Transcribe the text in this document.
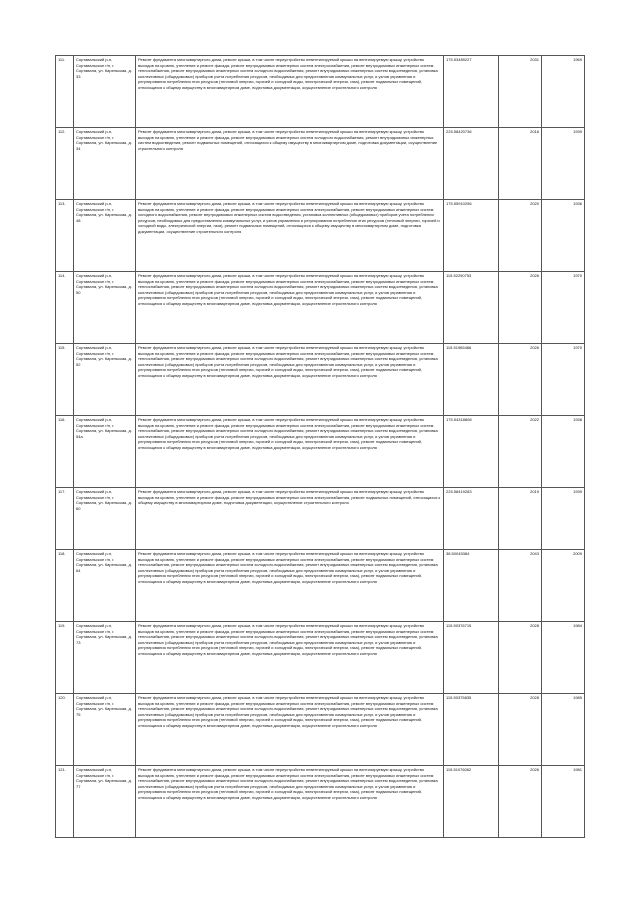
111.	Сортавальский р-н, Сортавальское г/п, г. Сортавала, ул. Карельская, д. 33	Ремонт фундамента многоквартирного дома, ремонт крыши, в том числе переустройство невентилируемой крыши на вентилируемую крышу, устройство выходов на кровлю, утепление и ремонт фасада, ремонт внутридомовых инженерных систем электроснабжения, ремонт внутридомовых инженерных систем теплоснабжения, ремонт внутридомовых инженерных систем холодного водоснабжения, ремонт внутридомовых инженерных систем водоотведения, установка коллективных (общедомовых) приборов учета потребления ресурсов, необходимых для предоставления коммунальных услуг, и узлов управления и регулирования потребления этих ресурсов (тепловой энергии, горячей и холодной воды, электрической энергии, газа), ремонт подвальных помещений, относящихся к общему имуществу в многоквартирном доме, подготовка документации, осуществление строительного контроля	175.53489227	2031	1969
112.	Сортавальский р-н, Сортавальское г/п, г. Сортавала, ул. Карельская, д. 34	Ремонт фундамента многоквартирного дома, ремонт крыши, в том числе переустройство невентилируемой крыши на вентилируемую крышу, устройство выходов на кровлю, утепление и ремонт фасада, ремонт внутридомовых инженерных систем холодного водоснабжения, ремонт внутридомовых инженерных систем водоотведения, ремонт подвальных помещений, относящихся к общему имуществу в многоквартирном доме, подготовка документации, осуществление строительного контроля	225.58420736	2016	1939
113.	Сортавальский р-н, Сортавальское г/п, г. Сортавала, ул. Карельская, д. 48	Ремонт фундамента многоквартирного дома, ремонт крыши, в том числе переустройство невентилируемой крыши на вентилируемую крышу, устройство выходов на кровлю, утепление и ремонт фасада, ремонт внутридомовых инженерных систем электроснабжения, ремонт внутридомовых инженерных систем холодного водоснабжения, ремонт внутридомовых инженерных систем водоотведения, установка коллективных (общедомовых) приборов учета потребления ресурсов, необходимых для предоставления коммунальных услуг, и узлов управления и регулирования потребления этих ресурсов (тепловой энергии, горячей и холодной воды, электрической энергии, газа), ремонт подвальных помещений, относящихся к общему имуществу в многоквартирном доме, подготовка документации, осуществление строительного контроля	175.55910256	2020	1936
114.	Сортавальский р-н, Сортавальское г/п, г. Сортавала, ул. Карельская, д. 50	Ремонт фундамента многоквартирного дома, ремонт крыши, в том числе переустройство невентилируемой крыши на вентилируемую крышу, устройство выходов на кровлю, утепление и ремонт фасада, ремонт внутридомовых инженерных систем электроснабжения, ремонт внутридомовых инженерных систем теплоснабжения, ремонт внутридомовых инженерных систем холодного водоснабжения, ремонт внутридомовых инженерных систем водоотведения, установка коллективных (общедомовых) приборов учета потребления ресурсов, необходимых для предоставления коммунальных услуг, и узлов управления и регулирования потребления этих ресурсов (тепловой энергии, горячей и холодной воды, электрической энергии, газа), ремонт подвальных помещений, относящихся к общему имуществу в многоквартирном доме, подготовка документации, осуществление строительного контроля	115.52290753	2026	1970
115.	Сортавальский р-н, Сортавальское г/п, г. Сортавала, ул. Карельская, д. 52	Ремонт фундамента многоквартирного дома, ремонт крыши, в том числе переустройство невентилируемой крыши на вентилируемую крышу, устройство выходов на кровлю, утепление и ремонт фасада, ремонт внутридомовых инженерных систем электроснабжения, ремонт внутридомовых инженерных систем теплоснабжения, ремонт внутридомовых инженерных систем холодного водоснабжения, ремонт внутридомовых инженерных систем водоотведения, установка коллективных (общедомовых) приборов учета потребления ресурсов, необходимых для предоставления коммунальных услуг, и узлов управления и регулирования потребления этих ресурсов (тепловой энергии, горячей и холодной воды, электрической энергии, газа), ремонт подвальных помещений, относящихся к общему имуществу в многоквартирном доме, подготовка документации, осуществление строительного контроля	115.51965466	2026	1970
116.	Сортавальский р-н, Сортавальское г/п, г. Сортавала, ул. Карельская, д. 54а	Ремонт фундамента многоквартирного дома, ремонт крыши, в том числе переустройство невентилируемой крыши на вентилируемую крышу, устройство выходов на кровлю, утепление и ремонт фасада, ремонт внутридомовых инженерных систем электроснабжения, ремонт внутридомовых инженерных систем теплоснабжения, ремонт внутридомовых инженерных систем холодного водоснабжения, ремонт внутридомовых инженерных систем водоотведения, установка коллективных (общедомовых) приборов учета потребления ресурсов, необходимых для предоставления коммунальных услуг, и узлов управления и регулирования потребления этих ресурсов (тепловой энергии, горячей и холодной воды, электрической энергии, газа), ремонт подвальных помещений, относящихся к общему имуществу в многоквартирном доме, подготовка документации, осуществление строительного контроля	175.54318808	2022	1938
117.	Сортавальский р-н, Сортавальское г/п, г. Сортавала, ул. Карельская, д. 60	Ремонт фундамента многоквартирного дома, ремонт крыши, в том числе переустройство невентилируемой крыши на вентилируемую крышу, устройство выходов на кровлю, утепление и ремонт фасада, ремонт внутридомовых инженерных систем электроснабжения, ремонт подвальных помещений, относящихся к общему имуществу в многоквартирном доме, подготовка документации, осуществление строительного контроля	225.58419283	2019	1939
118.	Сортавальский р-н, Сортавальское г/п, г. Сортавала, ул. Карельская, д. 64	Ремонт фундамента многоквартирного дома, ремонт крыши, в том числе переустройство невентилируемой крыши на вентилируемую крышу, устройство выходов на кровлю, утепление и ремонт фасада, ремонт внутридомовых инженерных систем электроснабжения, ремонт внутридомовых инженерных систем теплоснабжения, ремонт внутридомовых инженерных систем холодного водоснабжения, ремонт внутридомовых инженерных систем водоотведения, установка коллективных (общедомовых) приборов учета потребления ресурсов, необходимых для предоставления коммунальных услуг, и узлов управления и регулирования потребления этих ресурсов (тепловой энергии, горячей и холодной воды, электрической энергии, газа), ремонт подвальных помещений, относящихся к общему имуществу в многоквартирном доме, подготовка документации, осуществление строительного контроля	38.50045384	2043	2009
119.	Сортавальский р-н, Сортавальское г/п, г. Сортавала, ул. Карельская, д. 73	Ремонт фундамента многоквартирного дома, ремонт крыши, в том числе переустройство невентилируемой крыши на вентилируемую крышу, устройство выходов на кровлю, утепление и ремонт фасада, ремонт внутридомовых инженерных систем электроснабжения, ремонт внутридомовых инженерных систем теплоснабжения, ремонт внутридомовых инженерных систем холодного водоснабжения, ремонт внутридомовых инженерных систем водоотведения, установка коллективных (общедомовых) приборов учета потребления ресурсов, необходимых для предоставления коммунальных услуг, и узлов управления и регулирования потребления этих ресурсов (тепловой энергии, горячей и холодной воды, электрической энергии, газа), ремонт подвальных помещений, относящихся к общему имуществу в многоквартирном доме, подготовка документации, осуществление строительного контроля	115.50376715	2028	1984
120.	Сортавальский р-н, Сортавальское г/п, г. Сортавала, ул. Карельская, д. 75	Ремонт фундамента многоквартирного дома, ремонт крыши, в том числе переустройство невентилируемой крыши на вентилируемую крышу, устройство выходов на кровлю, утепление и ремонт фасада, ремонт внутридомовых инженерных систем электроснабжения, ремонт внутридомовых инженерных систем теплоснабжения, ремонт внутридомовых инженерных систем холодного водоснабжения, ремонт внутридомовых инженерных систем водоотведения, установка коллективных (общедомовых) приборов учета потребления ресурсов, необходимых для предоставления коммунальных услуг, и узлов управления и регулирования потребления этих ресурсов (тепловой энергии, горячей и холодной воды, электрической энергии, газа), ремонт подвальных помещений, относящихся к общему имуществу в многоквартирном доме, подготовка документации, осуществление строительного контроля	115.50375835	2028	1985
121.	Сортавальский р-н, Сортавальское г/п, г. Сортавала, ул. Карельская, д. 77	Ремонт фундамента многоквартирного дома, ремонт крыши, в том числе переустройство невентилируемой крыши на вентилируемую крышу, устройство выходов на кровлю, утепление и ремонт фасада, ремонт внутридомовых инженерных систем электроснабжения, ремонт внутридомовых инженерных систем теплоснабжения, ремонт внутридомовых инженерных систем холодного водоснабжения, ремонт внутридомовых инженерных систем водоотведения, установка коллективных (общедомовых) приборов учета потребления ресурсов, необходимых для предоставления коммунальных услуг, и узлов управления и регулирования потребления этих ресурсов (тепловой энергии, горячей и холодной воды, электрической энергии, газа), ремонт подвальных помещений, относящихся к общему имуществу в многоквартирном доме, подготовка документации, осуществление строительного контроля	115.51076062	2026	1981
